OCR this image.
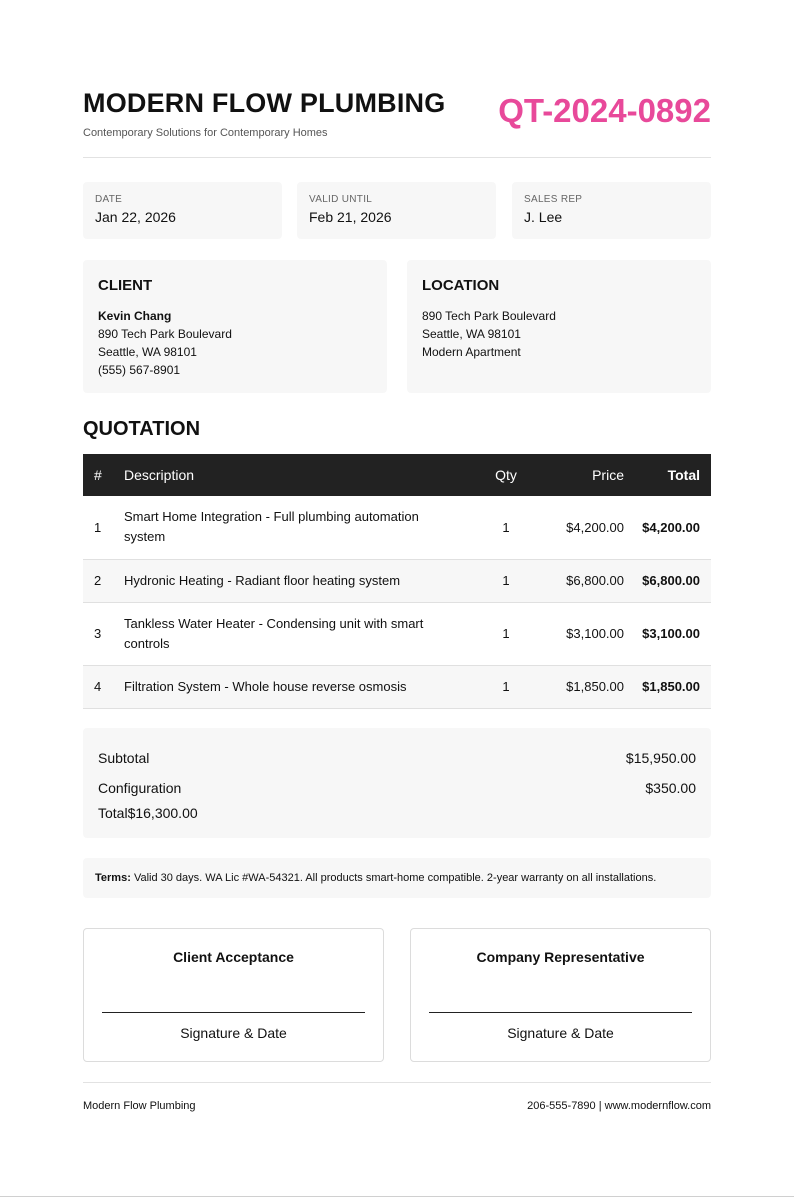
MODERN FLOW PLUMBING
Contemporary Solutions for Contemporary Homes
QT-2024-0892
DATE
Jan 22, 2026
VALID UNTIL
Feb 21, 2026
SALES REP
J. Lee
CLIENT
Kevin Chang
890 Tech Park Boulevard
Seattle, WA 98101
(555) 567-8901
LOCATION
890 Tech Park Boulevard
Seattle, WA 98101
Modern Apartment
QUOTATION
#	Description	Qty	Price	Total
1	Smart Home Integration - Full plumbing automation system	1	$4,200.00	$4,200.00
2	Hydronic Heating - Radiant floor heating system	1	$6,800.00	$6,800.00
3	Tankless Water Heater - Condensing unit with smart controls	1	$3,100.00	$3,100.00
4	Filtration System - Whole house reverse osmosis	1	$1,850.00	$1,850.00
Subtotal	$15,950.00
Configuration	$350.00
Total$16,300.00
Terms: Valid 30 days. WA Lic #WA-54321. All products smart-home compatible. 2-year warranty on all installations.
Client Acceptance
Signature & Date
Company Representative
Signature & Date
Modern Flow Plumbing	206-555-7890 | www.modernflow.com
